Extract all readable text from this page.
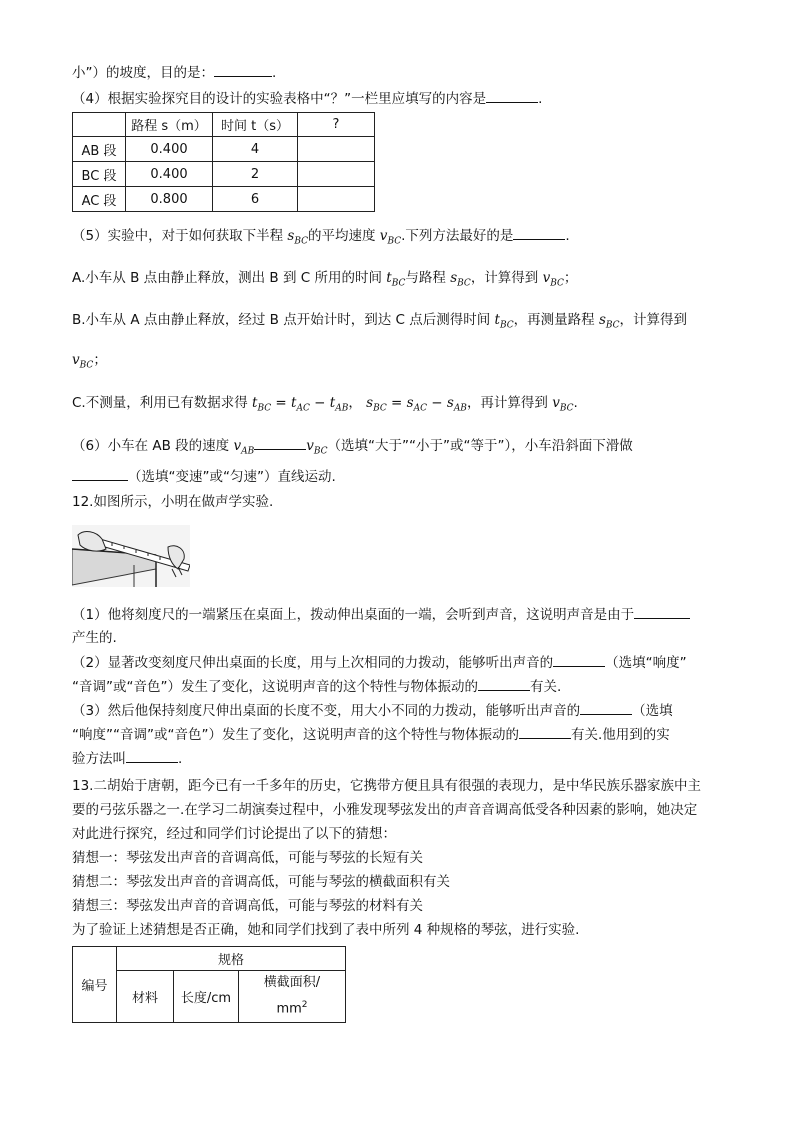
小”）的坡度，目的是：	.
（4）根据实验探究目的设计的实验表格中“？”一栏里应填写的内容是	.
	路程 s（m）	时间 t（s）	?
AB 段	0.400	4	
BC 段	0.400	2	
AC 段	0.800	6	
（5）实验中，对于如何获取下半程 $s_{BC}$的平均速度 $v_{BC}$.下列方法最好的是	.
A.小车从 B 点由静止释放，测出 B 到 C 所用的时间 $t_{BC}$与路程 $s_{BC}$，计算得到 $v_{BC}$；
B.小车从 A 点由静止释放，经过 B 点开始计时，到达 C 点后测得时间 $t_{BC}$，再测量路程 $s_{BC}$，计算得到
$v_{BC}$；
C.不测量，利用已有数据求得 $t_{BC} = t_{AC} - t_{AB}$， $s_{BC} = s_{AC} - s_{AB}$，再计算得到 $v_{BC}$.
（6）小车在 AB 段的速度 $v_{AB}$	$v_{BC}$（选填“大于”“小于”或“等于”），小车沿斜面下滑做
（选填“变速”或“匀速”）直线运动.
12.如图所示，小明在做声学实验.
（1）他将刻度尺的一端紧压在桌面上，拨动伸出桌面的一端，会听到声音，这说明声音是由于
产生的.
（2）显著改变刻度尺伸出桌面的长度，用与上次相同的力拨动，能够听出声音的	（选填“响度”
“音调”或“音色”）发生了变化，这说明声音的这个特性与物体振动的	有关.
（3）然后他保持刻度尺伸出桌面的长度不变，用大小不同的力拨动，能够听出声音的	（选填
“响度”“音调”或“音色”）发生了变化，这说明声音的这个特性与物体振动的	有关.他用到的实
验方法叫	.
13.二胡始于唐朝，距今已有一千多年的历史，它携带方便且具有很强的表现力，是中华民族乐器家族中主
要的弓弦乐器之一.在学习二胡演奏过程中，小雅发现琴弦发出的声音音调高低受各种因素的影响，她决定
对此进行探究，经过和同学们讨论提出了以下的猜想：
猜想一：琴弦发出声音的音调高低，可能与琴弦的长短有关
猜想二：琴弦发出声音的音调高低，可能与琴弦的横截面积有关
猜想三：琴弦发出声音的音调高低，可能与琴弦的材料有关
为了验证上述猜想是否正确，她和同学们找到了表中所列 4 种规格的琴弦，进行实验.
编号	规格		
	材料	长度/cm	横截面积/
$mm^2$
